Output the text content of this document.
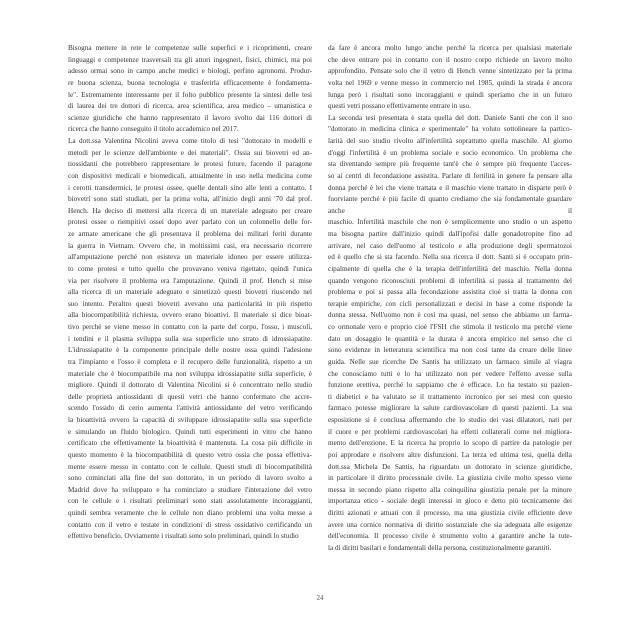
Bisogna mettere in rete le competenze sulle superfici e i ricoprimenti, creare

linguaggi e competenze trasversali tra gli attori ingegneri, fisici, chimici, ma poi

adesso ormai sono in campo anche medici e biologi, perfino agronomi. Produr-

re buona scienza, buona tecnologia e trasferirla efficacemente è fondamenta-

le". Estremamente interessante per il folto pubblico presente la sintesi delle tesi

di laurea dei tre dottori di ricerca, area scientifica, area medico – umanistica e

scienze giuridiche che hanno rappresentato il lavoro svolto dai 116 dottori di

ricerca che hanno conseguito il titolo accademico nel 2017.

La dott.ssa Valentina Nicolini aveva come titolo di tesi "dottorato in modelli e

metodi per le scienze dell'ambiente e dei materiali". Ossia sui biovetri ed an-

tiossidanti che potrebbero rappresentare le protesi future, facendo il paragone

con dispositivi medicali e biomedicali, attualmente in uso nella medicina come

i cerotti transdermici, le protesi ossee, quelle dentali sino alle lenti a contatto. I

biovetri sono stati studiati, per la prima volta, all'inizio degli anni '70 dal prof.

Hench. Ha deciso di mettersi alla ricerca di un materiale adeguato per creare

protesi ossee o riempitivi ossei dopo aver parlato con un colonnello delle for-

ze armate americane che gli presentava il problema dei militari feriti durante

la guerra in Vietnam. Ovvero che, in moltissimi casi, era necessario ricorrere

all'amputazione perché non esisteva un materiale idoneo per essere utilizza-

to come protesi e tutto quello che provavano veniva rigettato, quindi l'unica

via per risolvere il problema era l'amputazione. Quindi il prof. Hench si mise

alla ricerca di un materiale adeguato e sintetizzò questi biovetri riuscendo nel

suo intento. Peraltro questi biovetri avevano una particolarità in più rispetto

alla biocompatibilità richiesta, ovvero erano bioattivi. Il materiale si dice bioat-

tivo perché se viene messo in contatto con la parte del corpo, l'osso, i muscoli,

i tendini e il plasma sviluppa sulla sua superficie uno strato di idrossiapatite.

L'idrossiapatite è la componente principale delle nostre ossa quindi l'adesione

tra l'impianto e l'osso è completa e il recupero delle funzionalità, rispetto a un

materiale che è biocompatibile ma non sviluppa idrossiapatite sulla superficie, è

migliore. Quindi il dottorato di Valentina Nicolini si è concentrato nello studio

delle proprietà antiossidanti di questi vetri che hanno confermato che accre-

scendo l'ossido di cerio aumenta l'attività antiossidante del vetro verificando

la bioattività ovvero la capacità di sviluppare idrossiapatite sulla sua superficie

e simulando un fluido biologico. Quindi tutti esperimenti in vitro che hanno

certificato che effettivamente la bioattività è mantenuta. La cosa più difficile in

questo momento è la biocompatibilità di questo vetro ossia che possa effettiva-

mente essere messo in contatto con le cellule. Questi studi di biocompatibilità

sono cominciati alla fine del suo dottorato, in un periodo di lavoro svolto a

Madrid dove ha sviluppato e ha cominciato a studiare l'interazione del vetro

con le cellule e i risultati preliminari sono stati assolutamente incoraggianti,

quindi sembra veramente che le cellule non diano problemi una volta messe a

contatto con il vetro e testate in condizioni di stress ossidativo certificando un

effettivo beneficio. Ovviamente i risultati sono solo preliminari, quindi lo studio

da fare è ancora molto lungo anche perché la ricerca per qualsiasi materiale

che deve entrare poi in contatto con il nostro corpo richiede un lavoro molto

approfondito. Pensate solo che il vetro di Hench venne sintetizzato per la prima

volta nel 1969 e venne messo in commercio nel 1985, quindi la strada è ancora

lunga però i risultati sono incoraggianti e quindi speriamo che in un futuro

questi vetri possano effettivamente entrare in uso.

La seconda tesi presentata è stata quella del dott. Daniele Santi che con il suo

"dottorato in medicina clinica e sperimentale" ha voluto sottolineare la partico-

larità del suo studio rivolto all'infertilità soprattutto quella maschile. Al giorno

d'oggi l'infertilità è un problema sociale e socio economico. Un problema che

sta diventando sempre più frequente tant'è che è sempre più frequente l'acces-

so ai centri di fecondazione assistita. Parlare di fertilità in genere fa pensare alla

donna perché è lei che viene trattata e il maschio viene trattato in disparte però è

fuorviante perché è più facile di quanto crediamo che sia fondamentale guardare anche il

maschio. Infertilità maschile che non è semplicemente uno studio o un aspetto

ma bisogna partire dall'inizio quindi dall'ipofisi dalle gonadotropine fino ad

arrivare, nel caso dell'uomo al testicolo e alla produzione degli spermatozoi

ed è quello che si sta facendo. Nella sua ricerca il dott. Santi si è occupato prin-

cipalmente di quella che è la terapia dell'infertilità del maschio. Nella donna

quando vengono riconosciuti problemi di infertilità si passa al trattamento del

problema e poi si passa alla fecondazione assistita cioè si tratta la donna con

terapie empiriche, con cicli personalizzati e decisi in base a come risponde la

donna stessa. Nell'uomo non è così ma quasi, nel senso che abbiamo un farma-

co ormonale vero e proprio cioè l'FSH che stimola il testicolo ma perché viene

dato un dosaggio le quantità e la durata è ancora empirico nel senso che ci

sono evidenze in letteratura scientifica ma non così tante da creare delle linee

guida. Nelle sue ricerche De Santis ha utilizzato un farmaco simile al viagra

che conosciamo tutti e lo ha utilizzato non per vedere l'effetto avesse sulla

funzione erettiva, perché lo sappiamo che è efficace. Lo ha testato su pazien-

ti diabetici e ha valutato se il trattamento incronico per sei mesi con questo

farmaco potesse migliorare la salute cardiovascolare di questi pazienti. La sua

esposizione si è conclusa affermando che lo studio dei vasi dilatatori, nati per

il cuore e per problemi cardiovascolari ha effetti collaterali come nel migliora-

mento dell'erezione. E la ricerca ha proprio lo scopo di partire da patologie per

poi approdare e risolvere altre disfunzioni. La terza ed ultima tesi, quella della

dott.ssa Michela De Santis, ha riguardato un dottorato in scienze giuridiche,

in particolare il diritto processuale civile. La giustizia civile molto spesso viene

messa in secondo piano rispetto alla coinquilina giustizia penale per la minore

importanza etico - sociale degli interessi in gioco e detto più tecnicamente dei

diritti azionati e attuati con il processo, ma una giustizia civile efficiente deve

avere una cornice normativa di diritto sostanziale che sia adeguata alle esigenze

dell'economia. Il processo civile è strumento volto a garantire anche la tute-

la di diritti basilari e fondamentali della persona, costituzionalmente garantiti.

24
